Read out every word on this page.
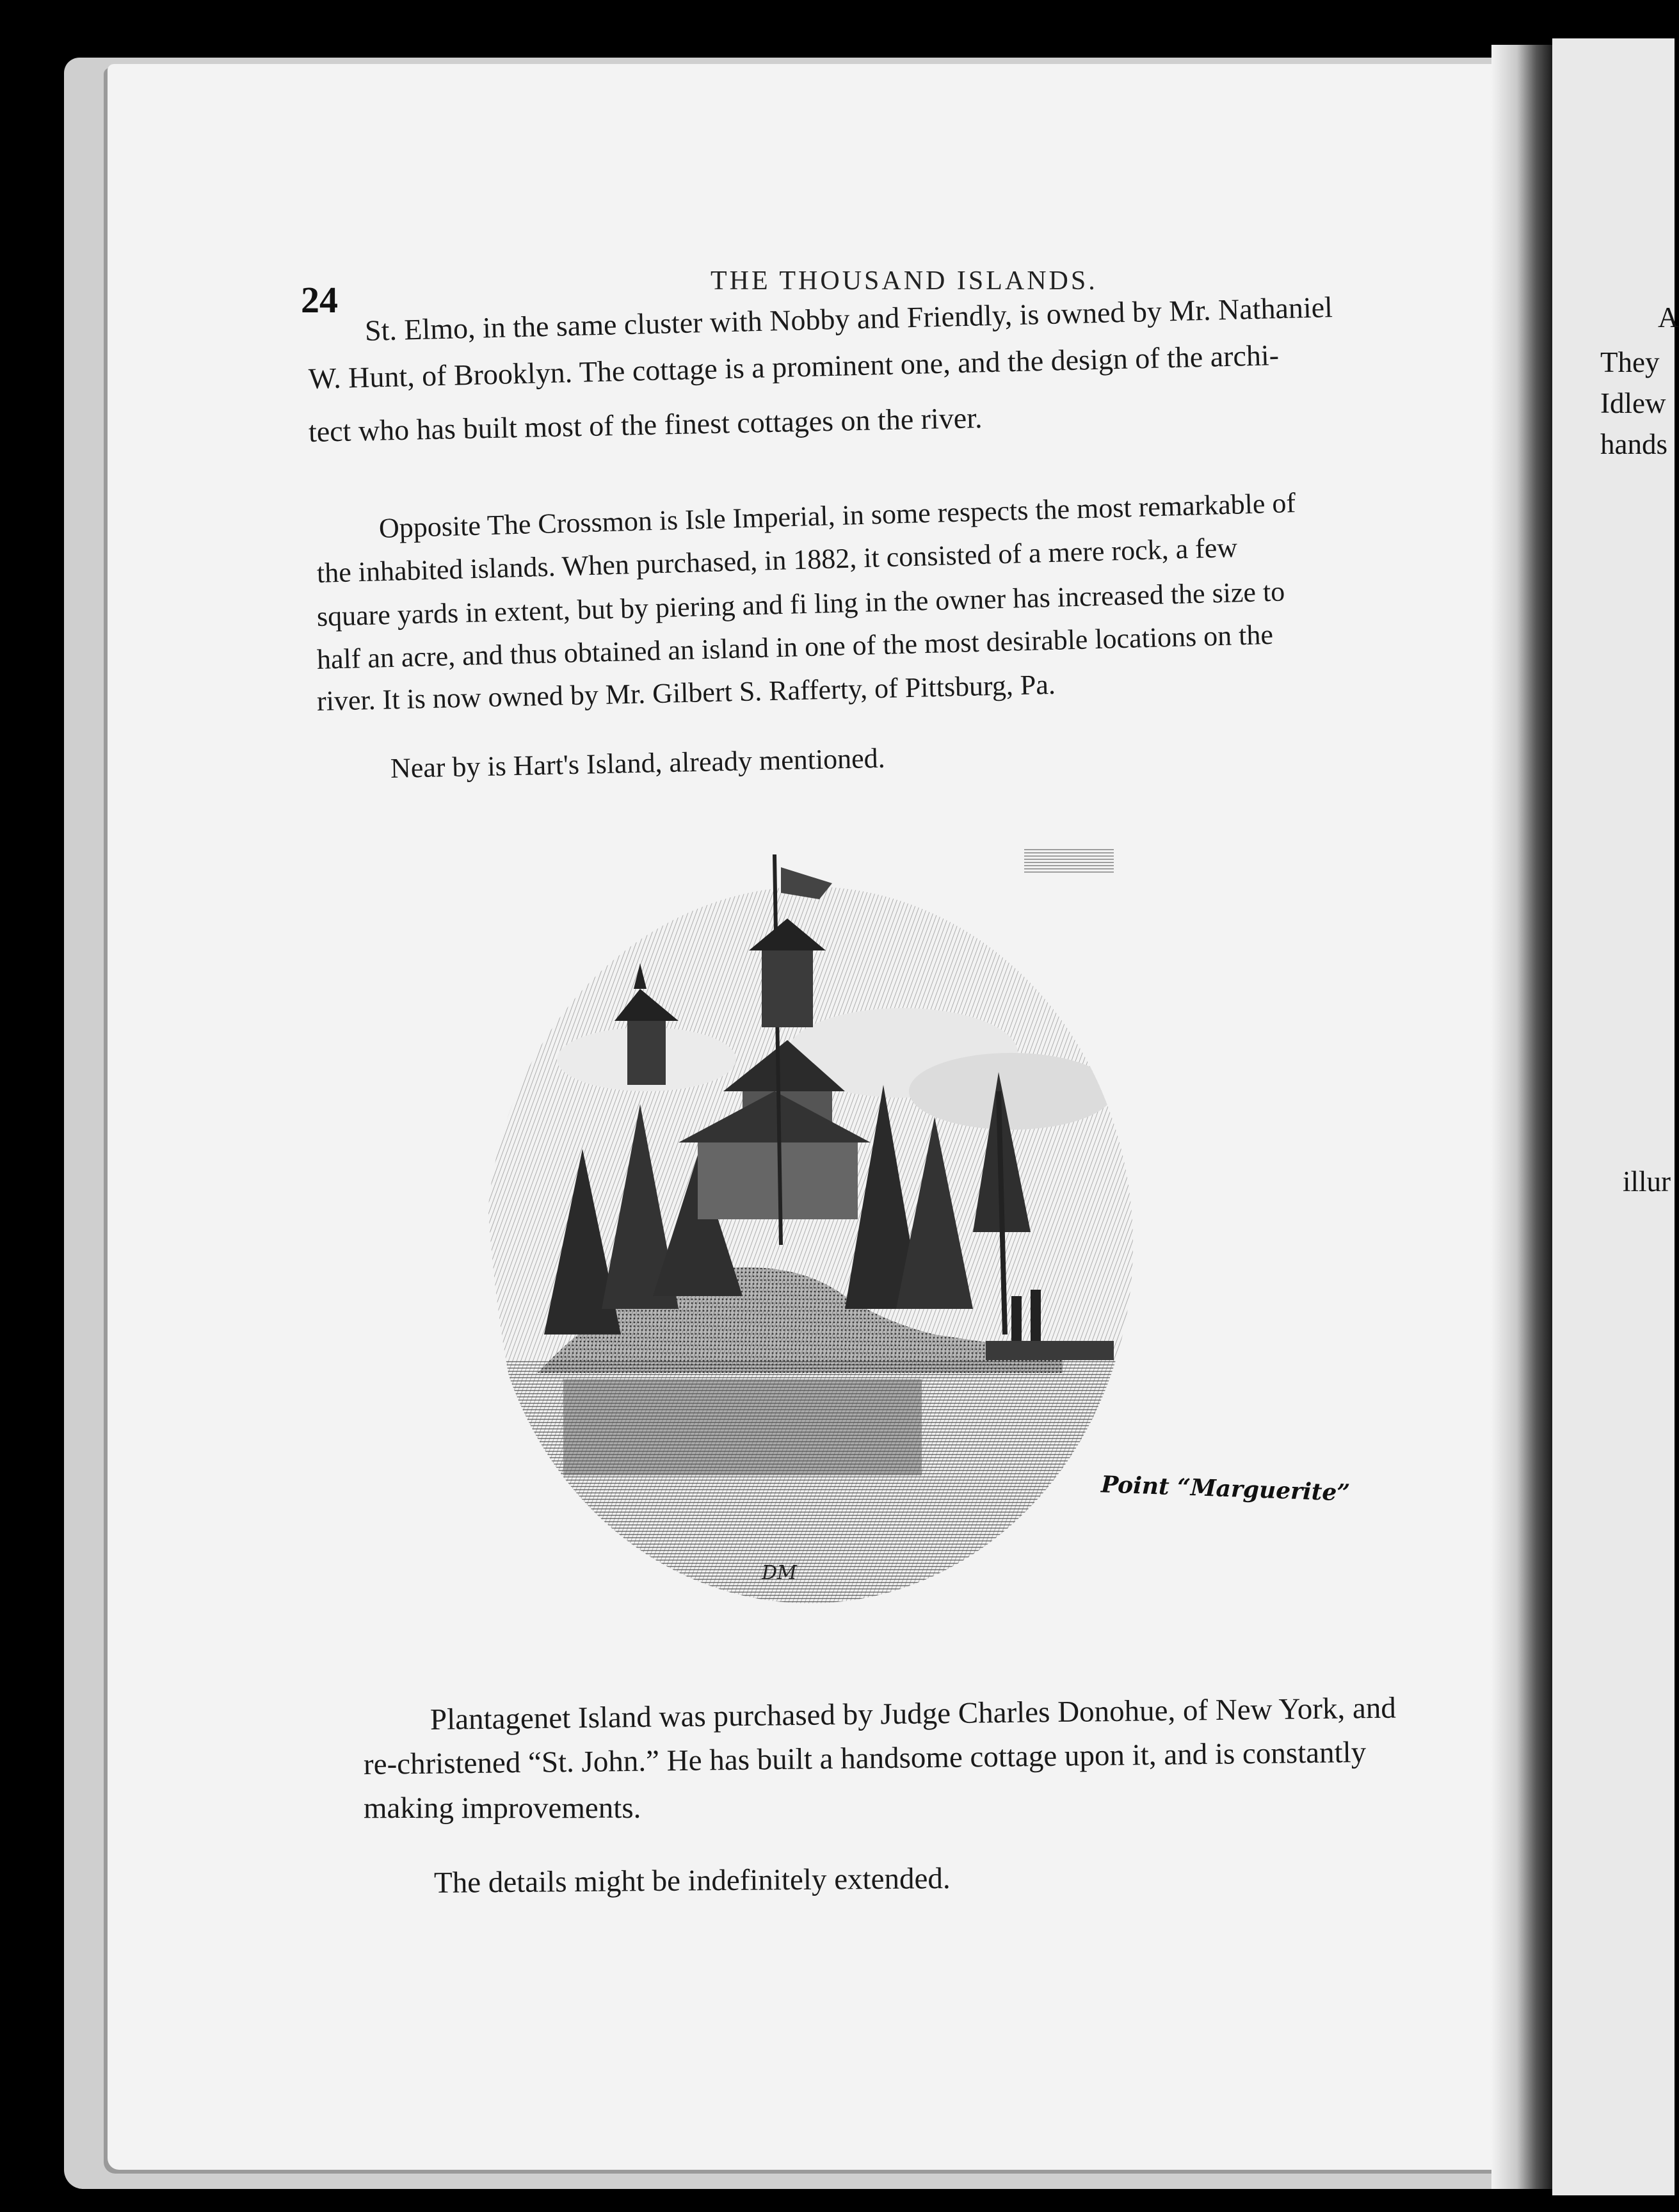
A
They
Idlew
hands
illur
24	THE THOUSAND ISLANDS.
St. Elmo, in the same cluster with Nobby and Friendly, is owned by Mr. Nathaniel
W. Hunt, of Brooklyn. The cottage is a prominent one, and the design of the archi-
tect who has built most of the finest cottages on the river.
Opposite The Crossmon is Isle Imperial, in some respects the most remarkable of
the inhabited islands. When purchased, in 1882, it consisted of a mere rock, a few
square yards in extent, but by piering and fi ling in the owner has increased the size to
half an acre, and thus obtained an island in one of the most desirable locations on the
river. It is now owned by Mr. Gilbert S. Rafferty, of Pittsburg, Pa.
Near by is Hart's Island, already mentioned.
Point “Marguerite”
DM
Plantagenet Island was purchased by Judge Charles Donohue, of New York, and
re-christened “St. John.” He has built a handsome cottage upon it, and is constantly
making improvements.
The details might be indefinitely extended.
